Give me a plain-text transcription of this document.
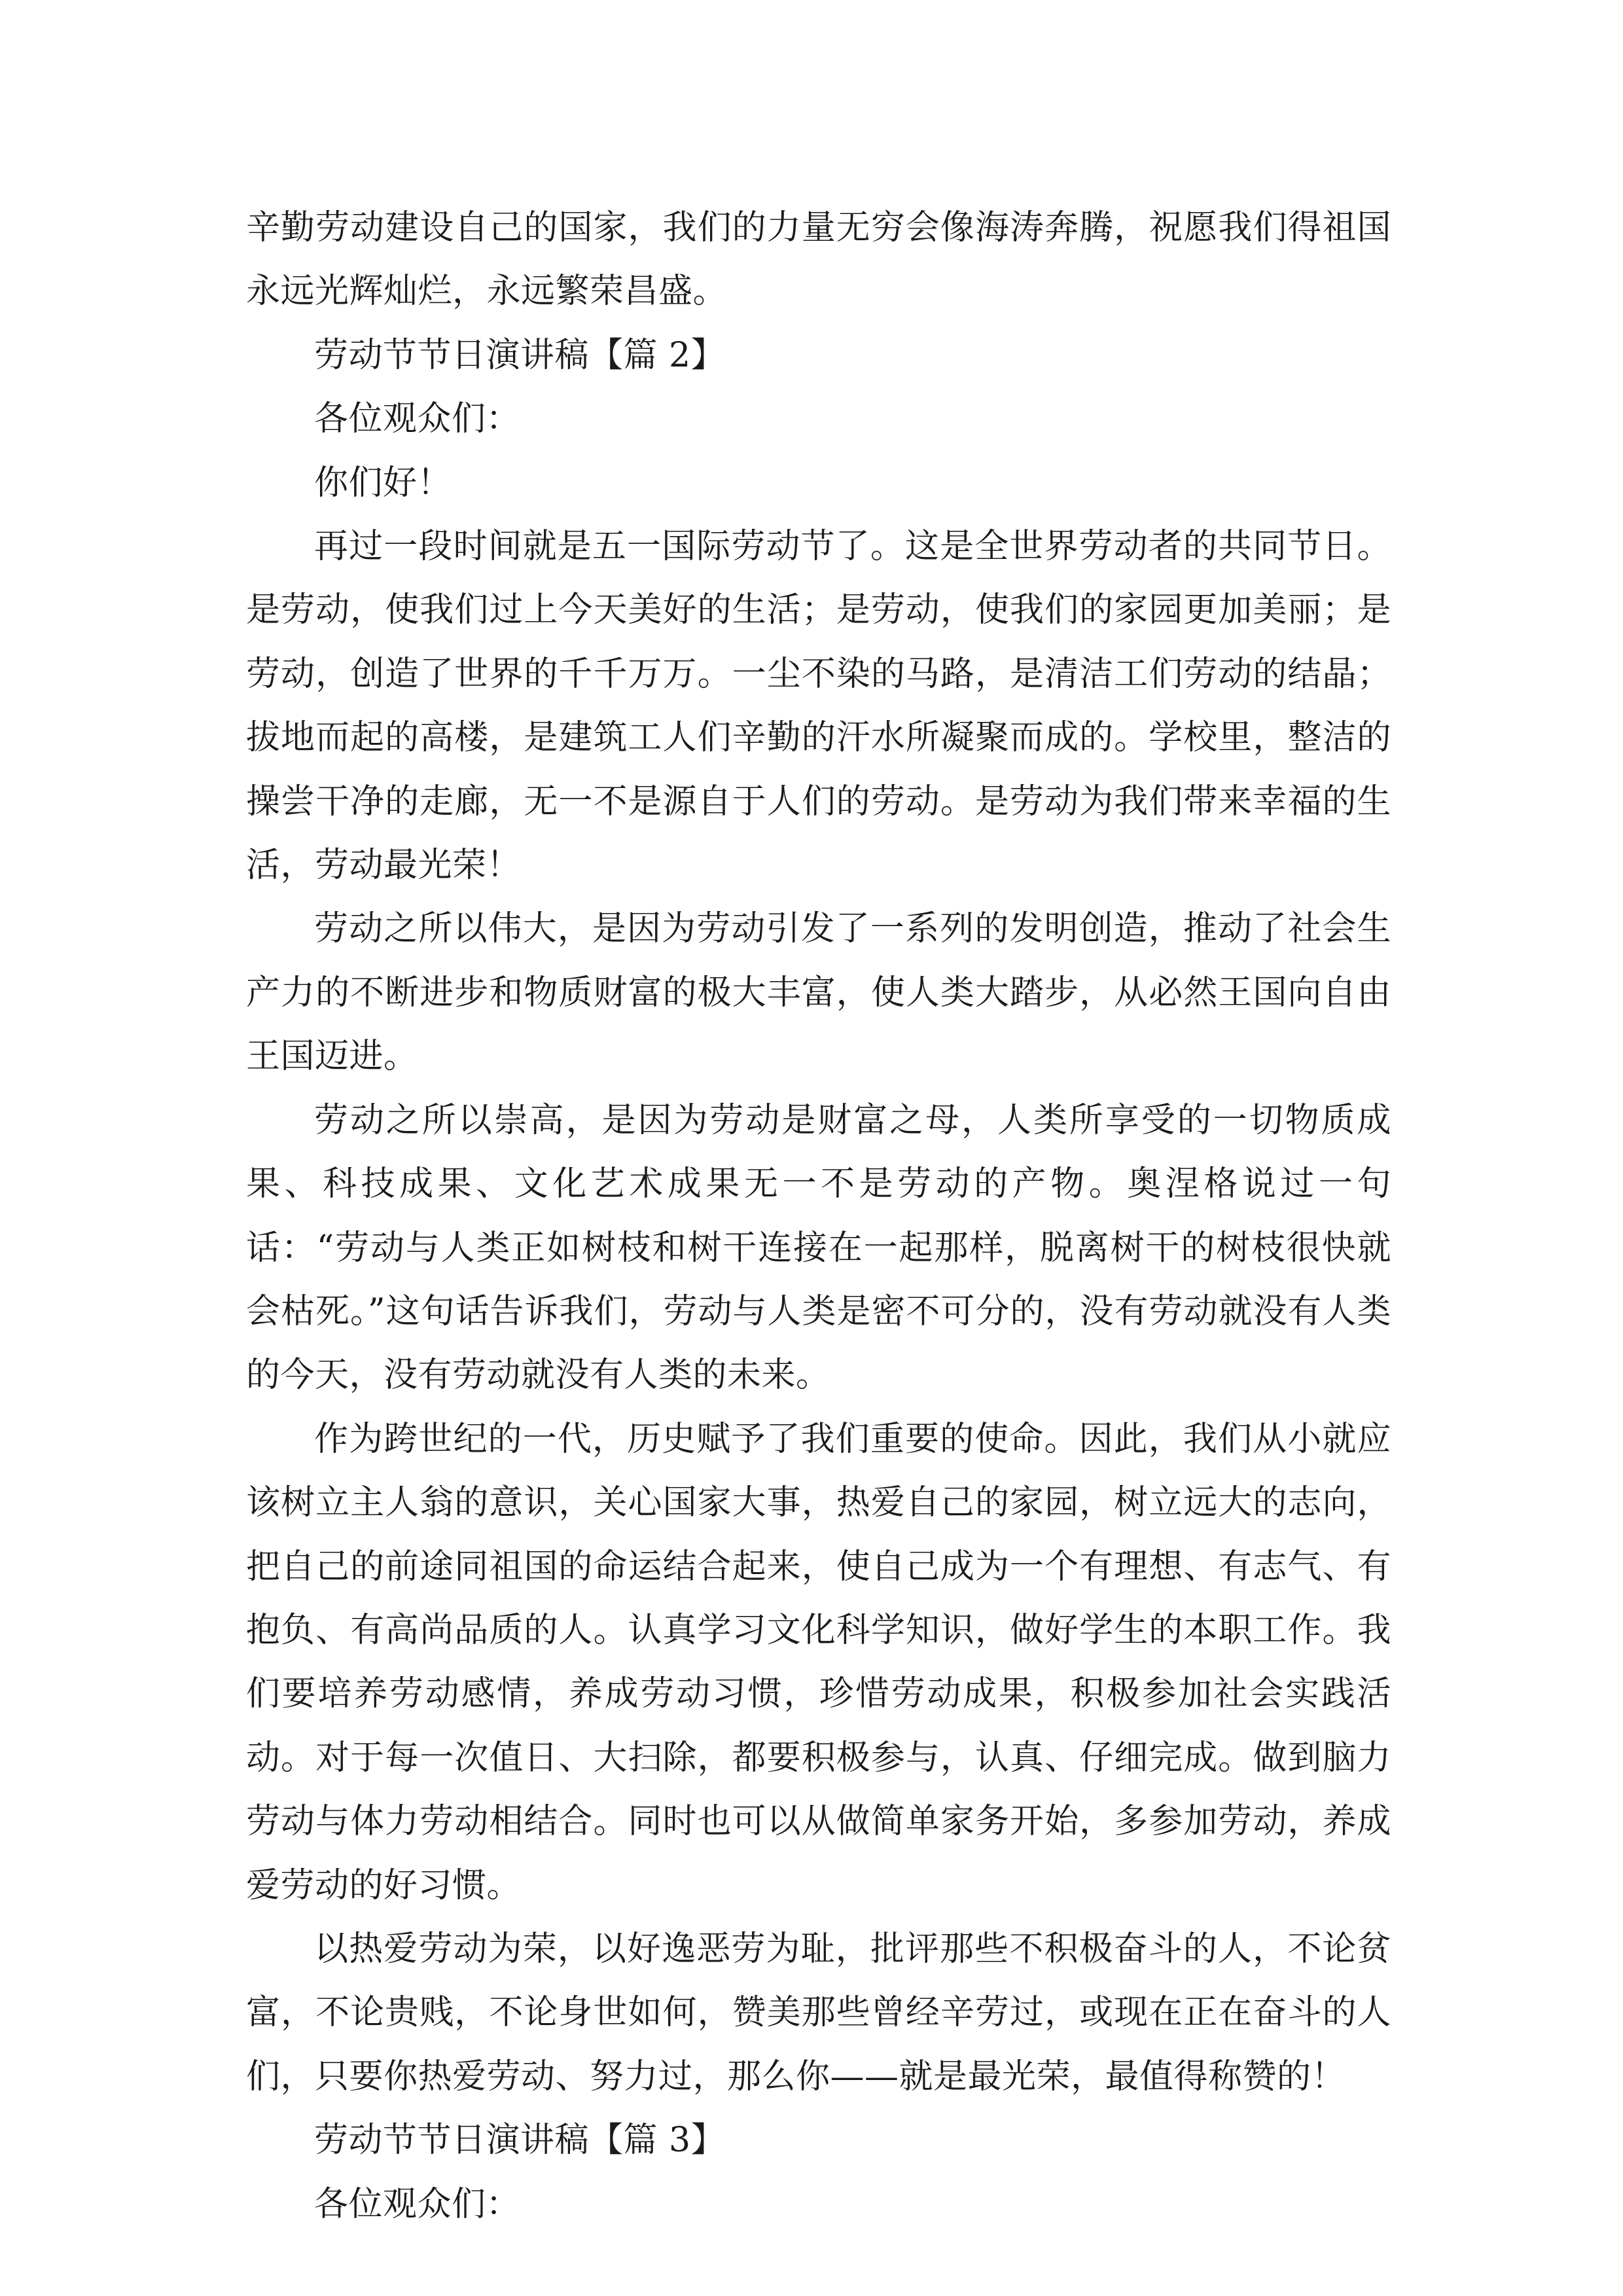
辛勤劳动建设自己的国家，我们的力量无穷会像海涛奔腾，祝愿我们得祖国永远光辉灿烂，永远繁荣昌盛。

劳动节节日演讲稿【篇 2】

各位观众们：

你们好！

再过一段时间就是五一国际劳动节了。这是全世界劳动者的共同节日。是劳动，使我们过上今天美好的生活；是劳动，使我们的家园更加美丽；是劳动，创造了世界的千千万万。一尘不染的马路，是清洁工们劳动的结晶；拔地而起的高楼，是建筑工人们辛勤的汗水所凝聚而成的。学校里，整洁的操尝干净的走廊，无一不是源自于人们的劳动。是劳动为我们带来幸福的生活，劳动最光荣！

劳动之所以伟大，是因为劳动引发了一系列的发明创造，推动了社会生产力的不断进步和物质财富的极大丰富，使人类大踏步，从必然王国向自由王国迈进。

劳动之所以崇高，是因为劳动是财富之母，人类所享受的一切物质成果、科技成果、文化艺术成果无一不是劳动的产物。奥涅格说过一句话：“劳动与人类正如树枝和树干连接在一起那样，脱离树干的树枝很快就会枯死。”这句话告诉我们，劳动与人类是密不可分的，没有劳动就没有人类的今天，没有劳动就没有人类的未来。

作为跨世纪的一代，历史赋予了我们重要的使命。因此，我们从小就应该树立主人翁的意识，关心国家大事，热爱自己的家园，树立远大的志向，把自己的前途同祖国的命运结合起来，使自己成为一个有理想、有志气、有抱负、有高尚品质的人。认真学习文化科学知识，做好学生的本职工作。我们要培养劳动感情，养成劳动习惯，珍惜劳动成果，积极参加社会实践活动。对于每一次值日、大扫除，都要积极参与，认真、仔细完成。做到脑力劳动与体力劳动相结合。同时也可以从做简单家务开始，多参加劳动，养成爱劳动的好习惯。

以热爱劳动为荣，以好逸恶劳为耻，批评那些不积极奋斗的人，不论贫富，不论贵贱，不论身世如何，赞美那些曾经辛劳过，或现在正在奋斗的人们，只要你热爱劳动、努力过，那么你——就是最光荣，最值得称赞的！

劳动节节日演讲稿【篇 3】

各位观众们：
